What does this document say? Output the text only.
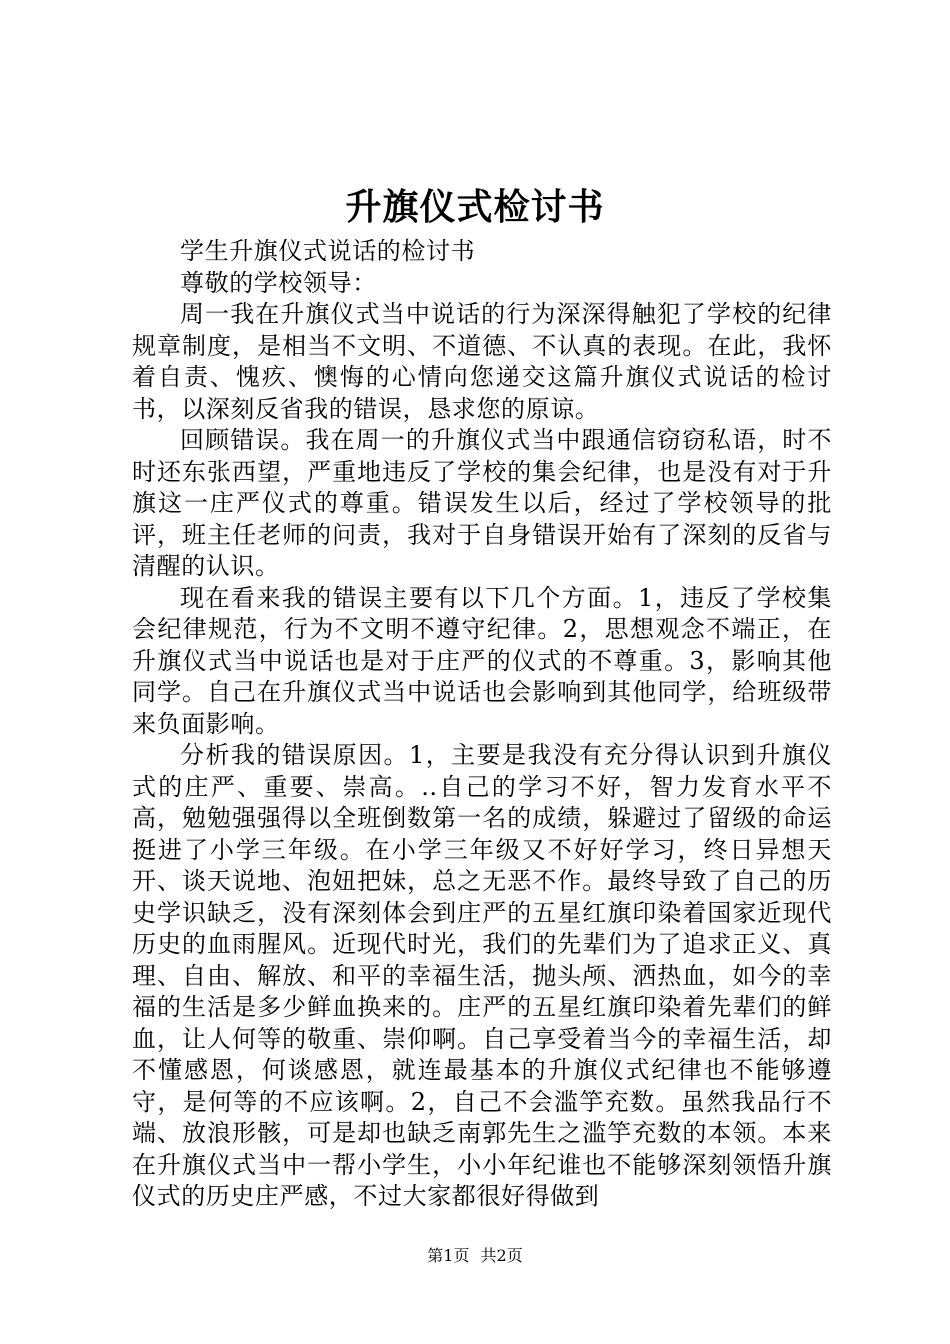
升旗仪式检讨书

学生升旗仪式说话的检讨书

尊敬的学校领导：

周一我在升旗仪式当中说话的行为深深得触犯了学校的纪律规章制度，是相当不文明、不道德、不认真的表现。在此，我怀着自责、愧疚、懊悔的心情向您递交这篇升旗仪式说话的检讨书，以深刻反省我的错误，恳求您的原谅。

回顾错误。我在周一的升旗仪式当中跟通信窃窃私语，时不时还东张西望，严重地违反了学校的集会纪律，也是没有对于升旗这一庄严仪式的尊重。错误发生以后，经过了学校领导的批评，班主任老师的问责，我对于自身错误开始有了深刻的反省与清醒的认识。

现在看来我的错误主要有以下几个方面。1，违反了学校集会纪律规范，行为不文明不遵守纪律。2，思想观念不端正，在升旗仪式当中说话也是对于庄严的仪式的不尊重。3，影响其他同学。自己在升旗仪式当中说话也会影响到其他同学，给班级带来负面影响。

分析我的错误原因。1，主要是我没有充分得认识到升旗仪式的庄严、重要、崇高。..自己的学习不好，智力发育水平不高，勉勉强强得以全班倒数第一名的成绩，躲避过了留级的命运挺进了小学三年级。在小学三年级又不好好学习，终日异想天开、谈天说地、泡妞把妹，总之无恶不作。最终导致了自己的历史学识缺乏，没有深刻体会到庄严的五星红旗印染着国家近现代历史的血雨腥风。近现代时光，我们的先辈们为了追求正义、真理、自由、解放、和平的幸福生活，抛头颅、洒热血，如今的幸福的生活是多少鲜血换来的。庄严的五星红旗印染着先辈们的鲜血，让人何等的敬重、崇仰啊。自己享受着当今的幸福生活，却不懂感恩，何谈感恩，就连最基本的升旗仪式纪律也不能够遵守，是何等的不应该啊。2，自己不会滥竽充数。虽然我品行不端、放浪形骸，可是却也缺乏南郭先生之滥竽充数的本领。本来在升旗仪式当中一帮小学生，小小年纪谁也不能够深刻领悟升旗仪式的历史庄严感，不过大家都很好得做到

第1页 共2页
